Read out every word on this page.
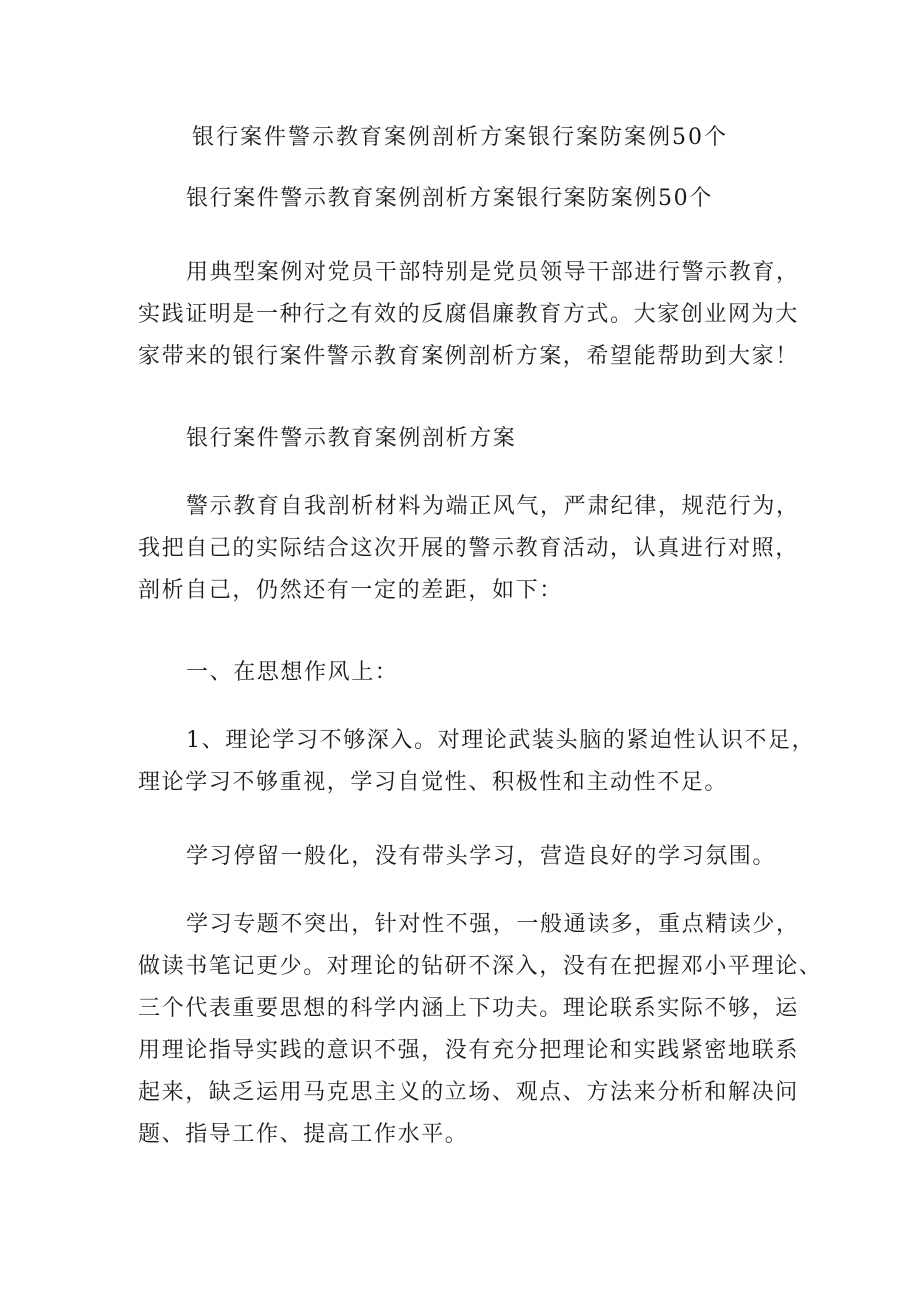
银行案件警示教育案例剖析方案银行案防案例50个

银行案件警示教育案例剖析方案银行案防案例50个

用典型案例对党员干部特别是党员领导干部进行警示教育，
实践证明是一种行之有效的反腐倡廉教育方式。大家创业网为大
家带来的银行案件警示教育案例剖析方案，希望能帮助到大家！

银行案件警示教育案例剖析方案

警示教育自我剖析材料为端正风气，严肃纪律，规范行为，
我把自己的实际结合这次开展的警示教育活动，认真进行对照，
剖析自己，仍然还有一定的差距，如下：

一、在思想作风上：

1、理论学习不够深入。对理论武装头脑的紧迫性认识不足，
理论学习不够重视，学习自觉性、积极性和主动性不足。

学习停留一般化，没有带头学习，营造良好的学习氛围。

学习专题不突出，针对性不强，一般通读多，重点精读少，
做读书笔记更少。对理论的钻研不深入，没有在把握邓小平理论、
三个代表重要思想的科学内涵上下功夫。理论联系实际不够，运
用理论指导实践的意识不强，没有充分把理论和实践紧密地联系
起来，缺乏运用马克思主义的立场、观点、方法来分析和解决问
题、指导工作、提高工作水平。
